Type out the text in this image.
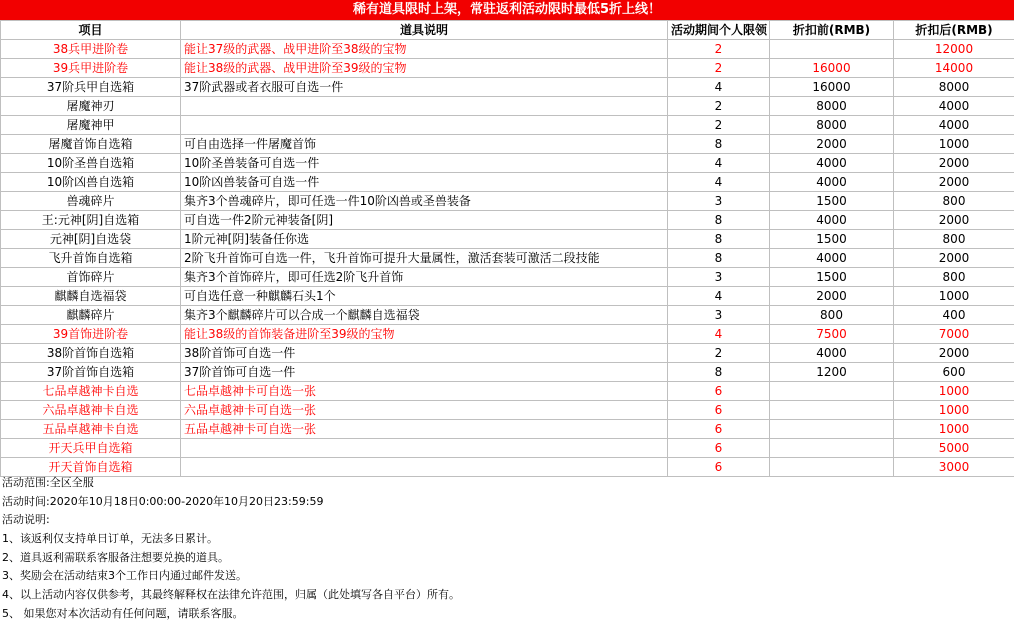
稀有道具限时上架，常驻返利活动限时最低5折上线！
项目	道具说明	活动期间个人限领	折扣前(RMB)	折扣后(RMB)
38兵甲进阶卷	能让37级的武器、战甲进阶至38级的宝物	2		12000
39兵甲进阶卷	能让38级的武器、战甲进阶至39级的宝物	2	16000	14000
37阶兵甲自选箱	37阶武器或者衣服可自选一件	4	16000	8000
屠魔神刃		2	8000	4000
屠魔神甲		2	8000	4000
屠魔首饰自选箱	可自由选择一件屠魔首饰	8	2000	1000
10阶圣兽自选箱	10阶圣兽装备可自选一件	4	4000	2000
10阶凶兽自选箱	10阶凶兽装备可自选一件	4	4000	2000
兽魂碎片	集齐3个兽魂碎片，即可任选一件10阶凶兽或圣兽装备	3	1500	800
王:元神[阴]自选箱	可自选一件2阶元神装备[阴]	8	4000	2000
元神[阴]自选袋	1阶元神[阴]装备任你选	8	1500	800
飞升首饰自选箱	2阶飞升首饰可自选一件，飞升首饰可提升大量属性，激活套装可激活二段技能	8	4000	2000
首饰碎片	集齐3个首饰碎片，即可任选2阶飞升首饰	3	1500	800
麒麟自选福袋	可自选任意一种麒麟石头1个	4	2000	1000
麒麟碎片	集齐3个麒麟碎片可以合成一个麒麟自选福袋	3	800	400
39首饰进阶卷	能让38级的首饰装备进阶至39级的宝物	4	7500	7000
38阶首饰自选箱	38阶首饰可自选一件	2	4000	2000
37阶首饰自选箱	37阶首饰可自选一件	8	1200	600
七品卓越神卡自选	七品卓越神卡可自选一张	6		1000
六品卓越神卡自选	六品卓越神卡可自选一张	6		1000
五品卓越神卡自选	五品卓越神卡可自选一张	6		1000
开天兵甲自选箱		6		5000
开天首饰自选箱		6		3000
活动范围:全区全服
活动时间:2020年10月18日0:00:00-2020年10月20日23:59:59
活动说明:
1、该返利仅支持单日订单，无法多日累计。
2、道具返利需联系客服备注想要兑换的道具。
3、奖励会在活动结束3个工作日内通过邮件发送。
4、以上活动内容仅供参考，其最终解释权在法律允许范围，归属（此处填写各自平台）所有。
5、 如果您对本次活动有任何问题，请联系客服。
